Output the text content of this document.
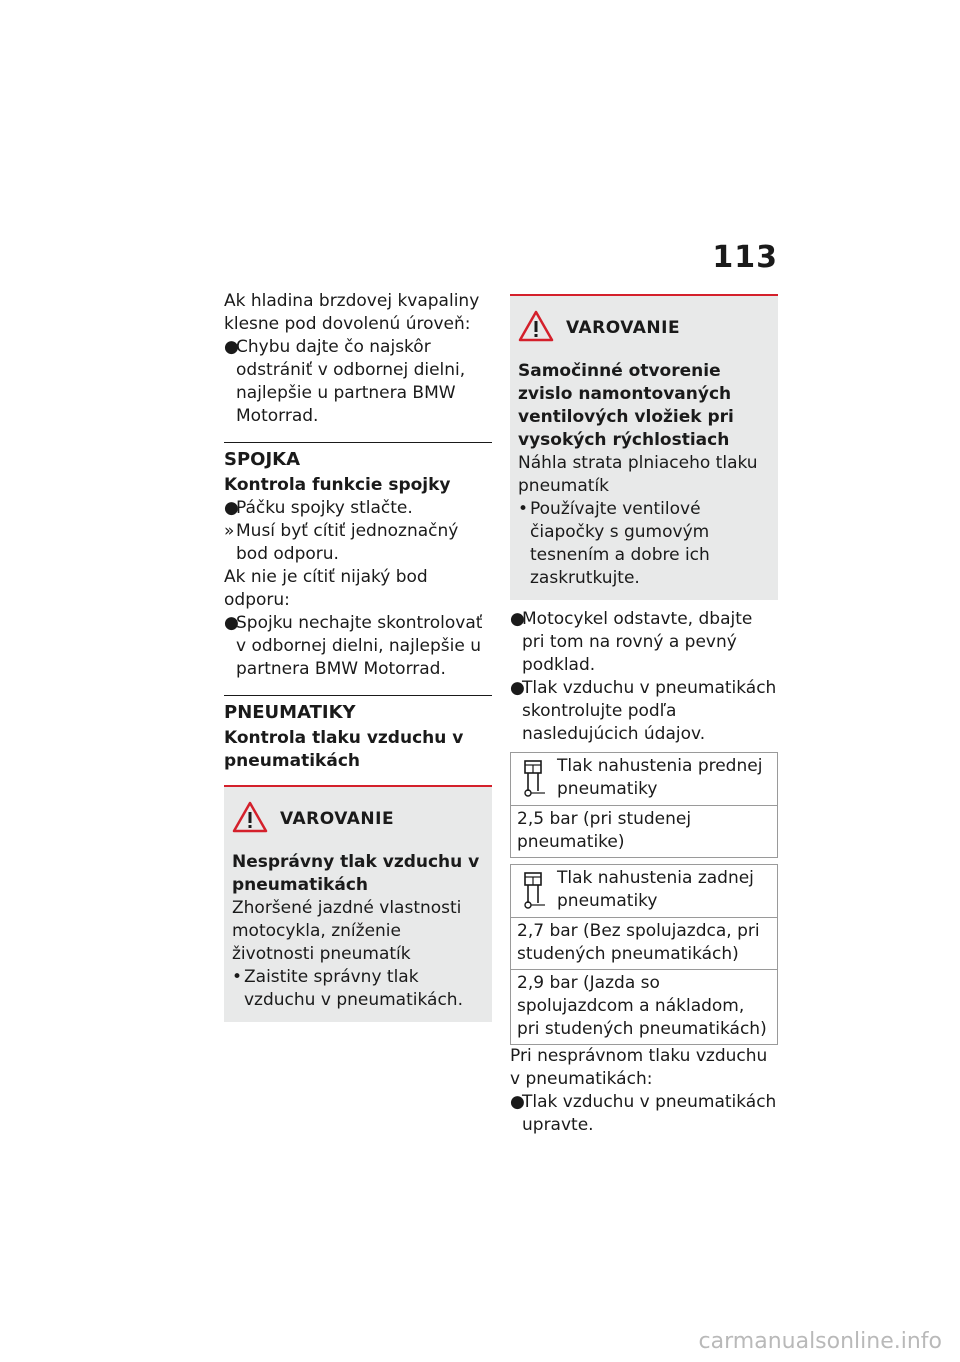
113

Ak hladina brzdovej kvapaliny klesne pod dovolenú úroveň:

●
Chybu dajte čo najskôr odstrániť v odbornej dielni, najlepšie u partnera BMW Motorrad.
SPOJKA
Kontrola funkcie spojky
●
Páčku spojky stlačte.
» Musí byť cítiť jednoznačný bod odporu.

Ak nie je cítiť nijaký bod odporu:

●
Spojku nechajte skontrolovať v odbornej dielni, najlepšie u partnera BMW Motorrad.
PNEUMATIKY
Kontrola tlaku vzduchu v pneumatikách
VAROVANIE
Nesprávny tlak vzduchu v pneumatikách

Zhoršené jazdné vlastnosti motocykla, zníženie životnosti pneumatík

• Zaistite správny tlak vzduchu v pneumatikách.
VAROVANIE
Samočinné otvorenie zvislo namontovaných ventilových vložiek pri vysokých rýchlostiach

Náhla strata plniaceho tlaku pneumatík

• Používajte ventilové čiapočky s gumovým tesnením a dobre ich zaskrutkujte.
●
Motocykel odstavte, dbajte pri tom na rovný a pevný podklad.
●
Tlak vzduchu v pneumatikách skontrolujte podľa nasledujúcich údajov.
Tlak nahustenia prednej pneumatiky
2,5 bar (pri studenej pneumatike)
Tlak nahustenia zadnej pneumatiky
2,7 bar (Bez spolujazdca, pri studených pneumatikách)
2,9 bar (Jazda so spolujazdcom a nákladom, pri studených pneumatikách)

Pri nesprávnom tlaku vzduchu v pneumatikách:

●
Tlak vzduchu v pneumatikách upravte.
carmanualsonline.info
